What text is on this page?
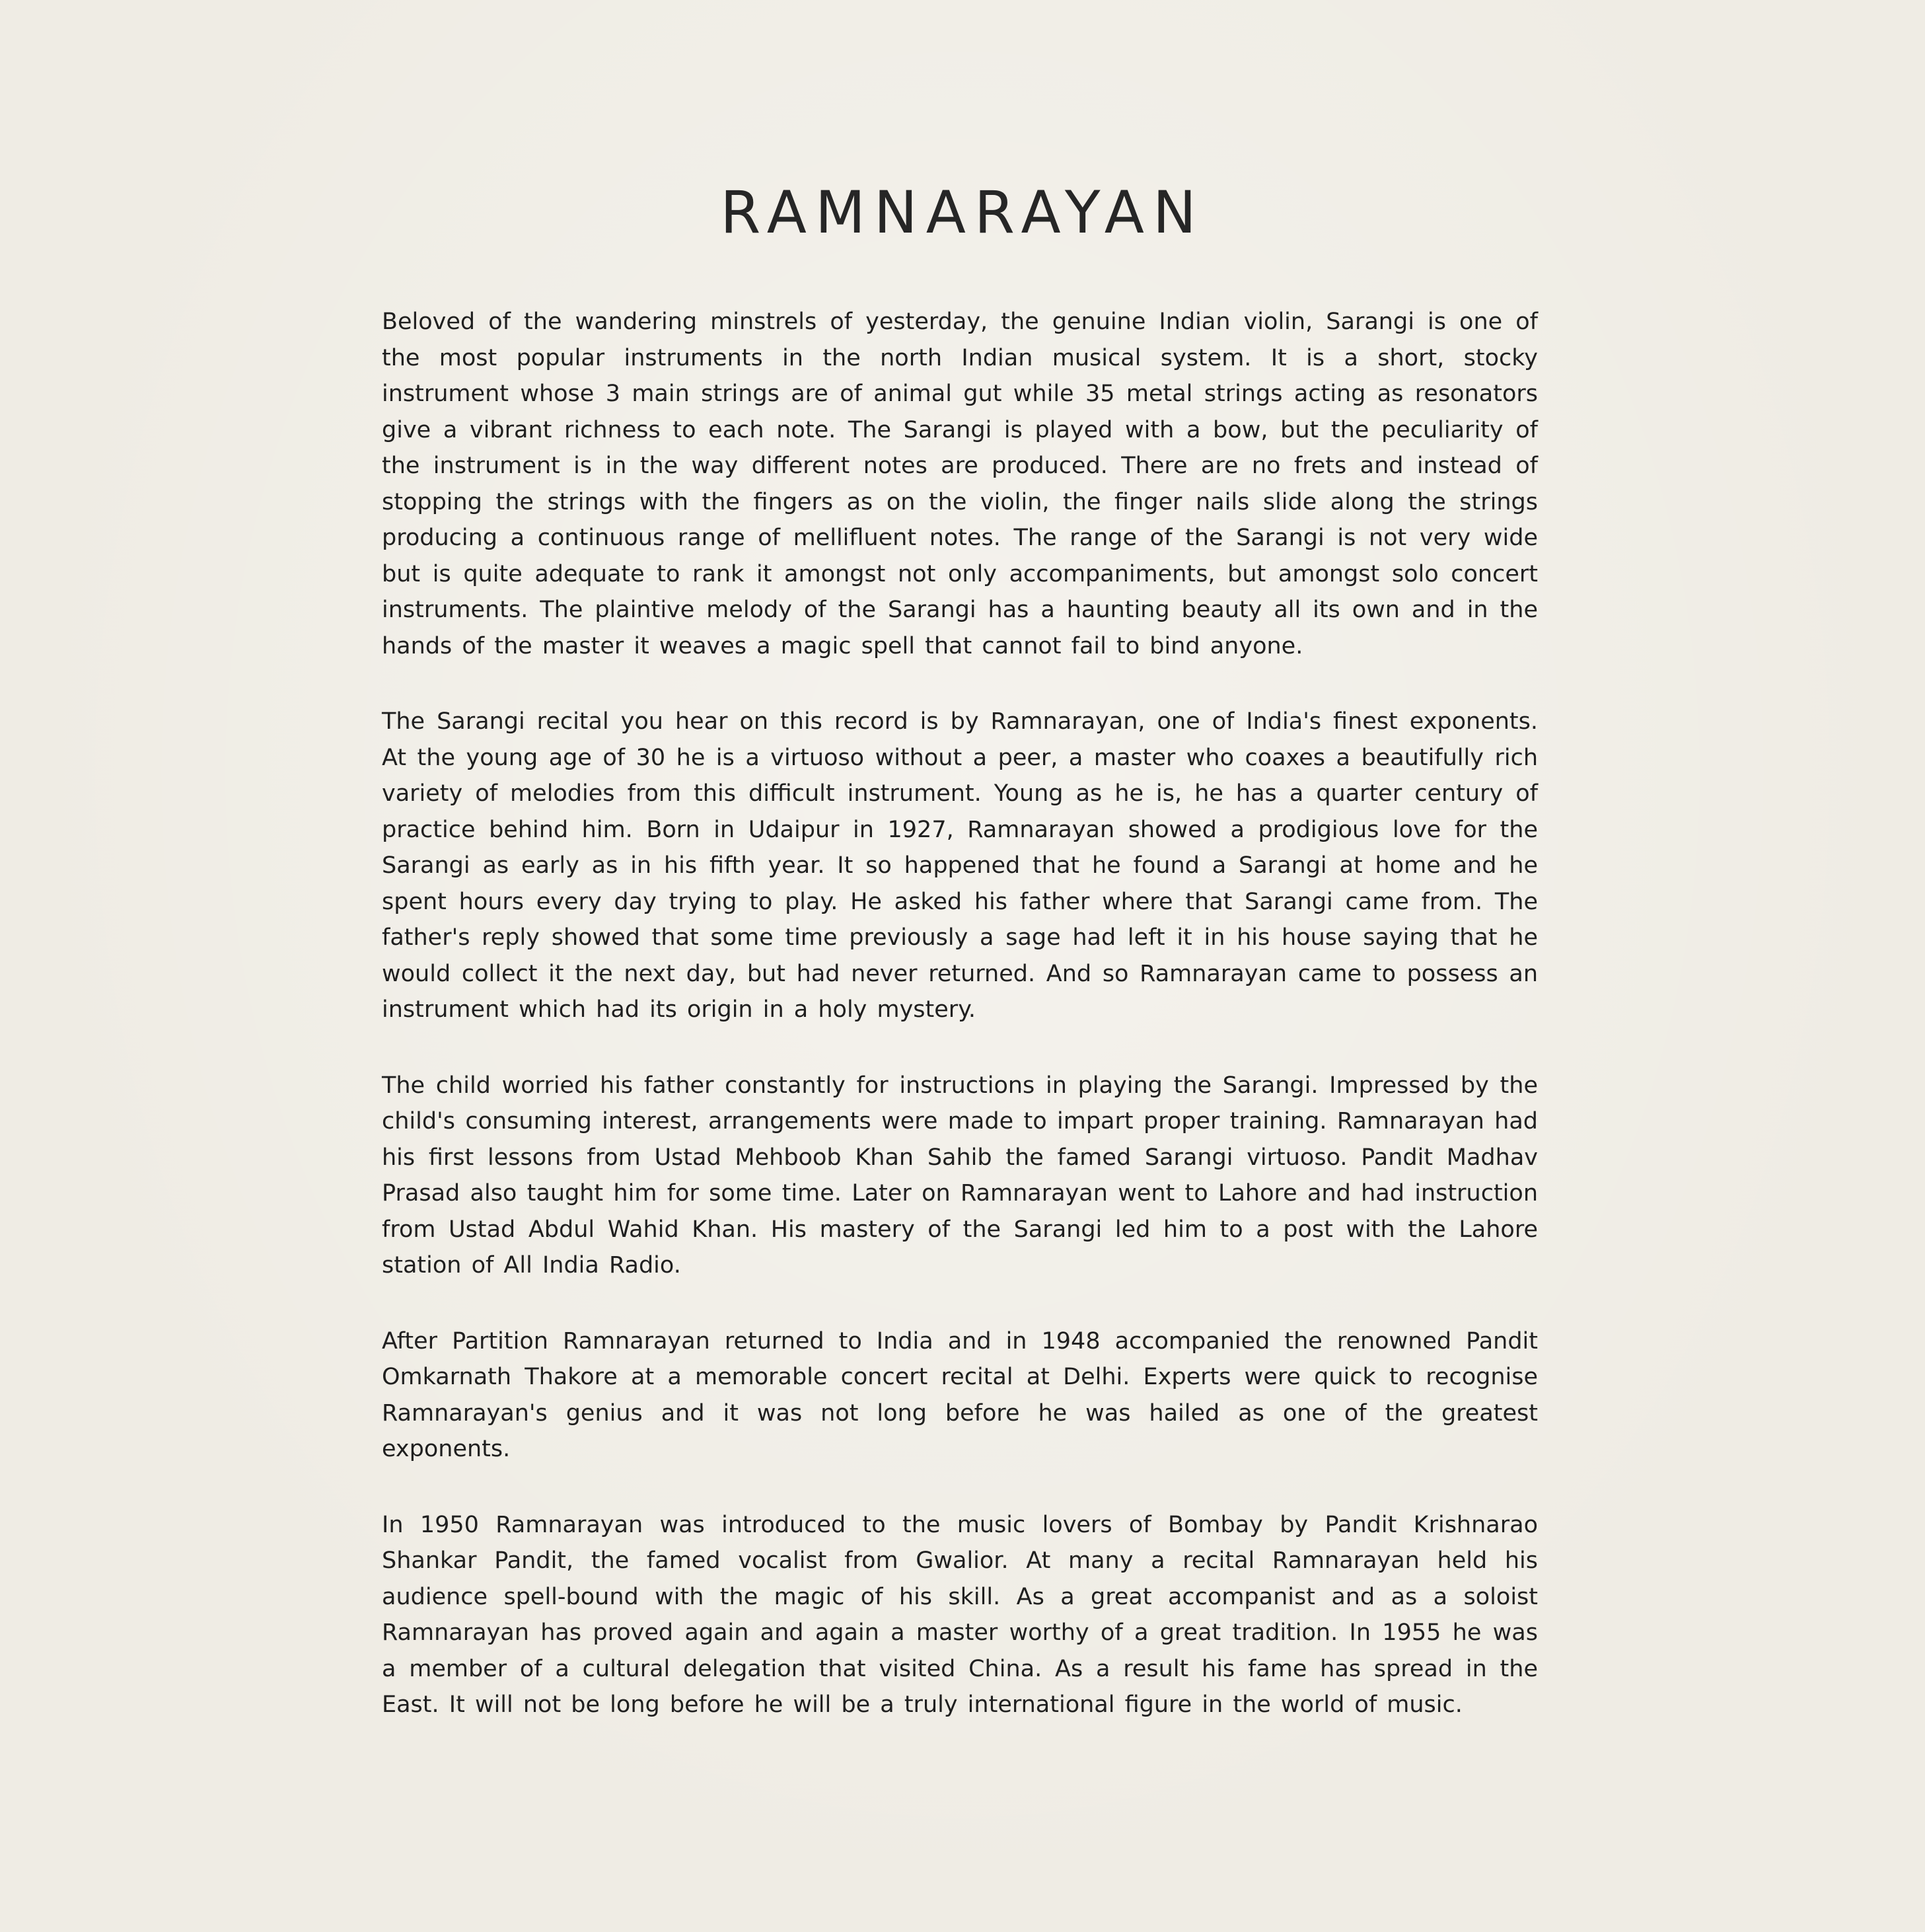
RAMNARAYAN

Beloved of the wandering minstrels of yesterday, the genuine Indian violin, Sarangi is one of the most popular instruments in the north Indian musical system. It is a short, stocky instrument whose 3 main strings are of animal gut while 35 metal strings acting as resonators give a vibrant richness to each note. The Sarangi is played with a bow, but the peculiarity of the instrument is in the way different notes are produced. There are no frets and instead of stopping the strings with the fingers as on the violin, the finger nails slide along the strings producing a continuous range of mellifluent notes. The range of the Sarangi is not very wide but is quite adequate to rank it amongst not only accompaniments, but amongst solo concert instruments. The plaintive melody of the Sarangi has a haunting beauty all its own and in the hands of the master it weaves a magic spell that cannot fail to bind anyone.

The Sarangi recital you hear on this record is by Ramnarayan, one of India's finest exponents. At the young age of 30 he is a virtuoso without a peer, a master who coaxes a beautifully rich variety of melodies from this difficult instrument. Young as he is, he has a quarter century of practice behind him. Born in Udaipur in 1927, Ramnarayan showed a prodigious love for the Sarangi as early as in his fifth year. It so happened that he found a Sarangi at home and he spent hours every day trying to play. He asked his father where that Sarangi came from. The father's reply showed that some time previously a sage had left it in his house saying that he would collect it the next day, but had never returned. And so Ramnarayan came to possess an instrument which had its origin in a holy mystery.

The child worried his father constantly for instructions in playing the Sarangi. Impressed by the child's consuming interest, arrangements were made to impart proper training. Ramnarayan had his first lessons from Ustad Mehboob Khan Sahib the famed Sarangi virtuoso. Pandit Madhav Prasad also taught him for some time. Later on Ramnarayan went to Lahore and had instruction from Ustad Abdul Wahid Khan. His mastery of the Sarangi led him to a post with the Lahore station of All India Radio.

After Partition Ramnarayan returned to India and in 1948 accompanied the renowned Pandit Omkarnath Thakore at a memorable concert recital at Delhi. Experts were quick to recognise Ramnarayan's genius and it was not long before he was hailed as one of the greatest exponents.

In 1950 Ramnarayan was introduced to the music lovers of Bombay by Pandit Krishnarao Shankar Pandit, the famed vocalist from Gwalior. At many a recital Ramnarayan held his audience spell-bound with the magic of his skill. As a great accompanist and as a soloist Ramnarayan has proved again and again a master worthy of a great tradition. In 1955 he was a member of a cultural delegation that visited China. As a result his fame has spread in the East. It will not be long before he will be a truly international figure in the world of music.
